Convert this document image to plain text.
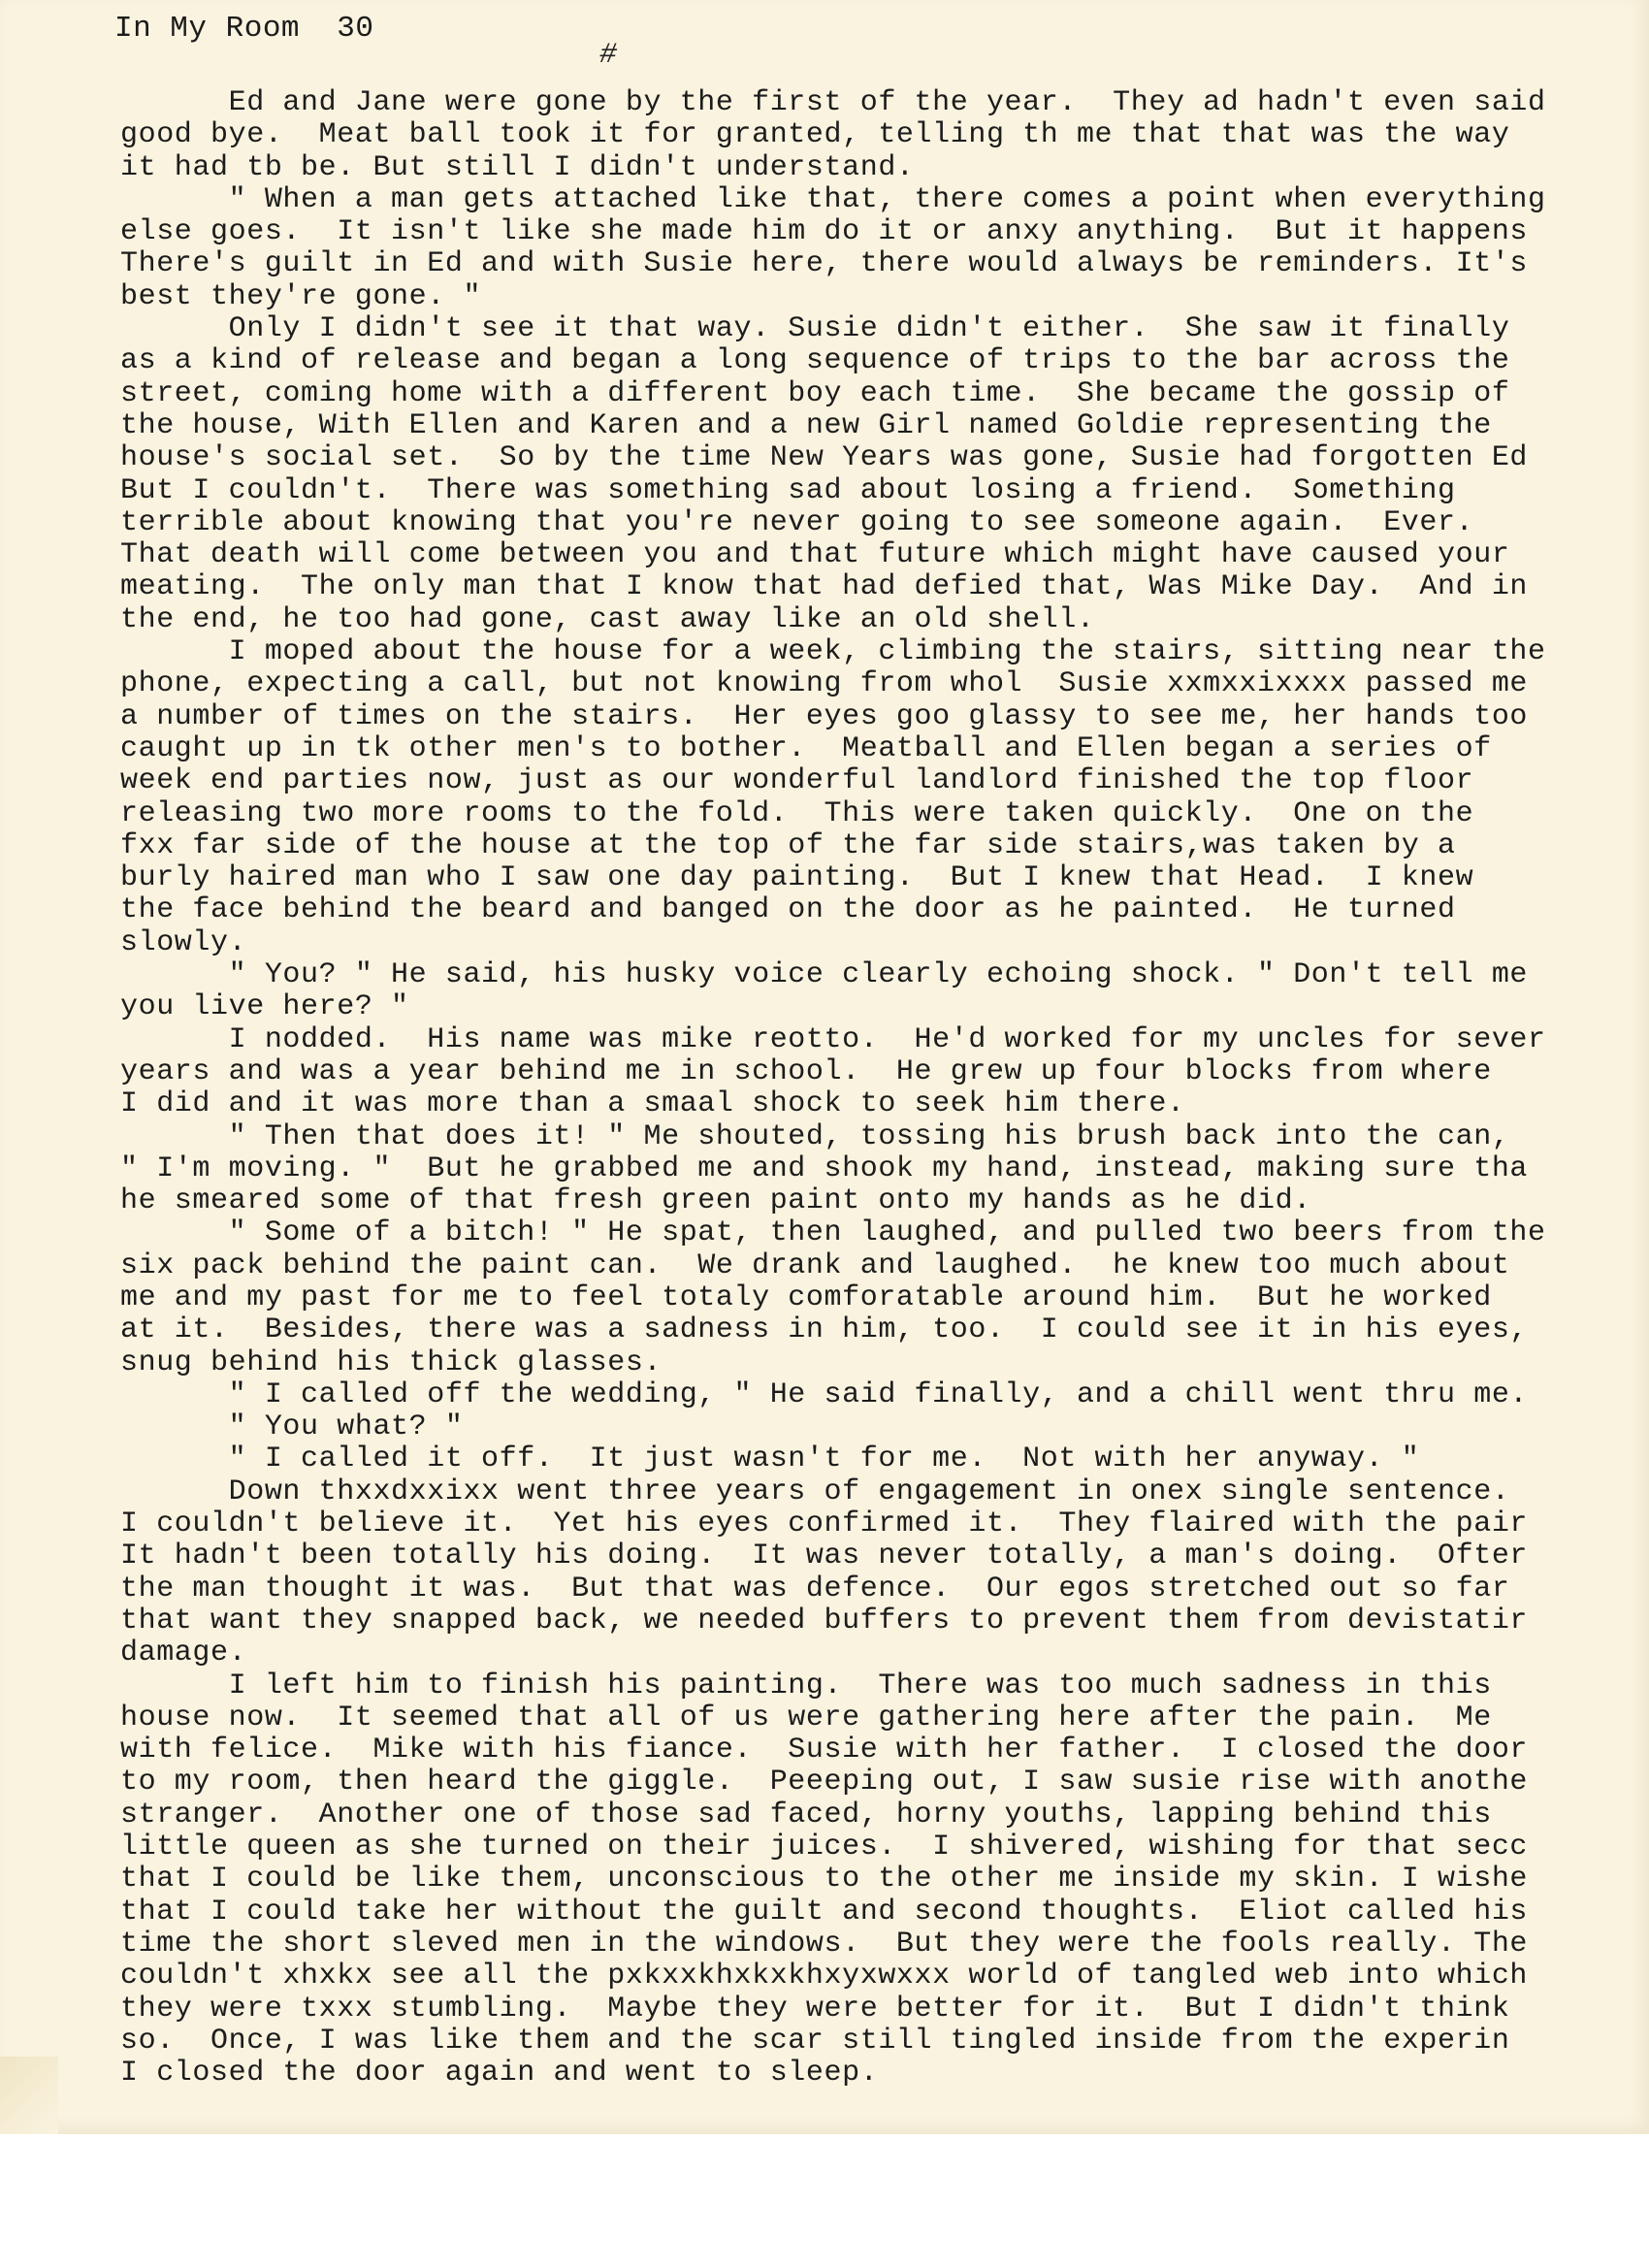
In My Room 30
#
Ed and Jane were gone by the first of the year.  They ad hadn't even said
good bye.  Meat ball took it for granted, telling th me that that was the way
it had tb be. But still I didn't understand.
" When a man gets attached like that, there comes a point when everything
else goes.  It isn't like she made him do it or anxy anything.  But it happens
There's guilt in Ed and with Susie here, there would always be reminders. It's
best they're gone. "
Only I didn't see it that way. Susie didn't either.  She saw it finally
as a kind of release and began a long sequence of trips to the bar across the
street, coming home with a different boy each time.  She became the gossip of
the house, With Ellen and Karen and a new Girl named Goldie representing the
house's social set.  So by the time New Years was gone, Susie had forgotten Ed
But I couldn't.  There was something sad about losing a friend.  Something
terrible about knowing that you're never going to see someone again.  Ever.
That death will come between you and that future which might have caused your
meating.  The only man that I know that had defied that, Was Mike Day.  And in
the end, he too had gone, cast away like an old shell.
I moped about the house for a week, climbing the stairs, sitting near the
phone, expecting a call, but not knowing from whol  Susie xxmxxixxxx passed me
a number of times on the stairs.  Her eyes goo glassy to see me, her hands too
caught up in tk other men's to bother.  Meatball and Ellen began a series of
week end parties now, just as our wonderful landlord finished the top floor
releasing two more rooms to the fold.  This were taken quickly.  One on the
fxx far side of the house at the top of the far side stairs,was taken by a
burly haired man who I saw one day painting.  But I knew that Head.  I knew
the face behind the beard and banged on the door as he painted.  He turned
slowly.
" You? " He said, his husky voice clearly echoing shock. " Don't tell me
you live here? "
I nodded.  His name was mike reotto.  He'd worked for my uncles for sever
years and was a year behind me in school.  He grew up four blocks from where
I did and it was more than a smaal shock to seek him there.
" Then that does it! " Me shouted, tossing his brush back into the can,
" I'm moving. "  But he grabbed me and shook my hand, instead, making sure tha
he smeared some of that fresh green paint onto my hands as he did.
" Some of a bitch! " He spat, then laughed, and pulled two beers from the
six pack behind the paint can.  We drank and laughed.  he knew too much about
me and my past for me to feel totaly comforatable around him.  But he worked
at it.  Besides, there was a sadness in him, too.  I could see it in his eyes,
snug behind his thick glasses.
" I called off the wedding, " He said finally, and a chill went thru me.
" You what? "
" I called it off.  It just wasn't for me.  Not with her anyway. "
Down thxxdxxixx went three years of engagement in onex single sentence.
I couldn't believe it.  Yet his eyes confirmed it.  They flaired with the pair
It hadn't been totally his doing.  It was never totally, a man's doing.  Ofter
the man thought it was.  But that was defence.  Our egos stretched out so far
that want they snapped back, we needed buffers to prevent them from devistatir
damage.
I left him to finish his painting.  There was too much sadness in this
house now.  It seemed that all of us were gathering here after the pain.  Me
with felice.  Mike with his fiance.  Susie with her father.  I closed the door
to my room, then heard the giggle.  Peeeping out, I saw susie rise with anothe
stranger.  Another one of those sad faced, horny youths, lapping behind this
little queen as she turned on their juices.  I shivered, wishing for that secc
that I could be like them, unconscious to the other me inside my skin. I wishe
that I could take her without the guilt and second thoughts.  Eliot called his
time the short sleved men in the windows.  But they were the fools really. The
couldn't xhxkx see all the pxkxxkhxkxkhxyxwxxx world of tangled web into which
they were txxx stumbling.  Maybe they were better for it.  But I didn't think
so.  Once, I was like them and the scar still tingled inside from the experin
I closed the door again and went to sleep.
